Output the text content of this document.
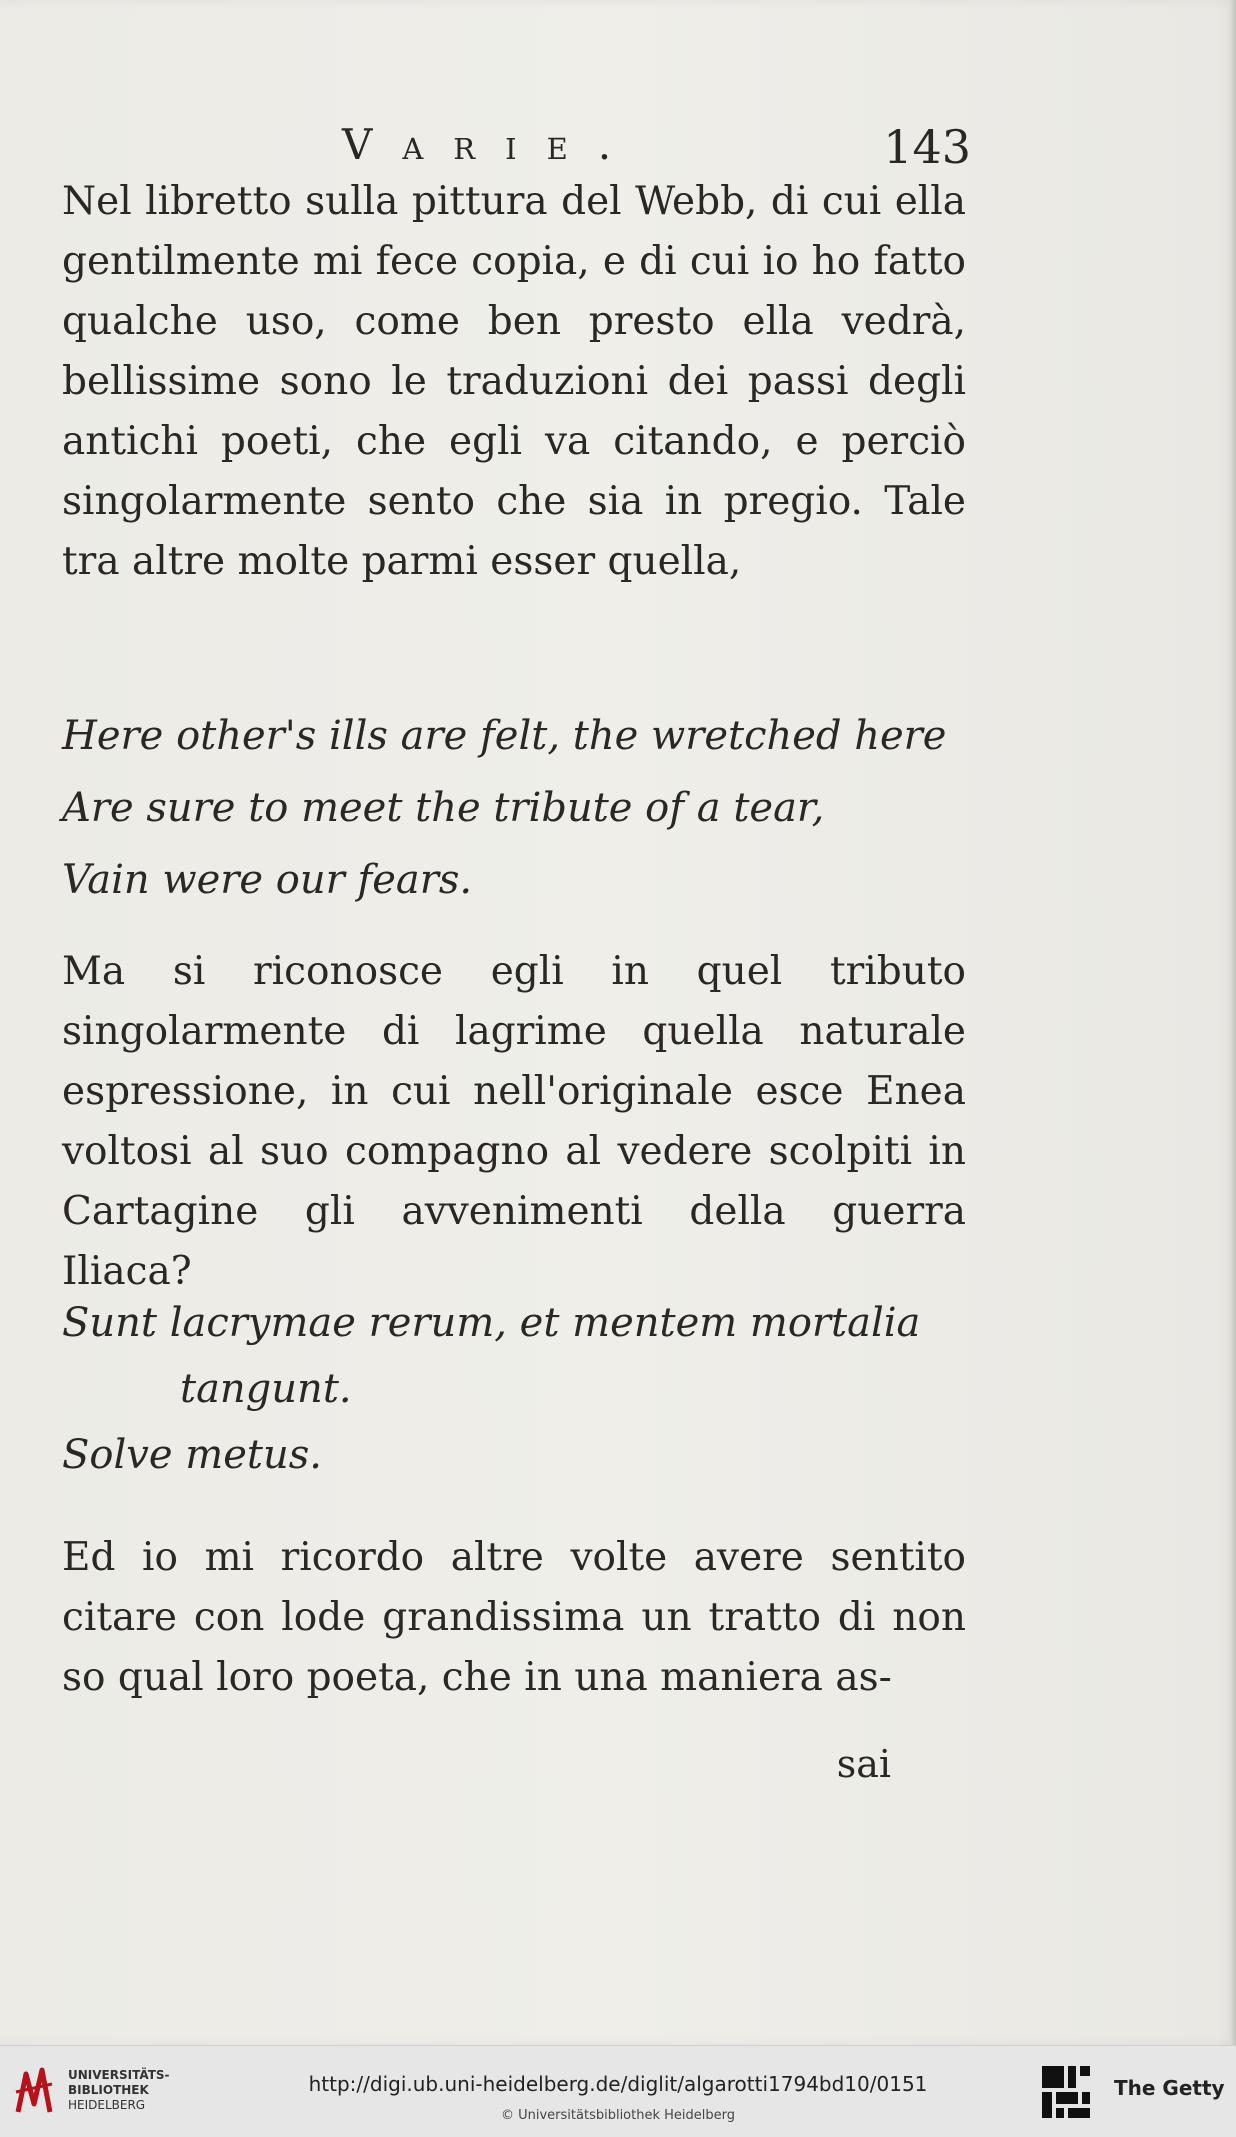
Varie.	143

Nel libretto sulla pittura del Webb, di cui ella gentilmente mi fece copia, e di cui io ho fatto qualche uso, come ben presto ella vedrà, bellissime sono le traduzioni dei passi degli antichi poeti, che egli va citando, e perciò singolarmente sento che sia in pregio. Tale tra altre molte parmi esser quella,

Here other's ills are felt, the wretched here
Are sure to meet the tribute of a tear,
Vain were our fears.

Ma si riconosce egli in quel tributo singolarmente di lagrime quella naturale espressione, in cui nell'originale esce Enea voltosi al suo compagno al vedere scolpiti in Cartagine gli avvenimenti della guerra Iliaca?

Sunt lacrymae rerum, et mentem mortalia
tangunt.
Solve metus.

Ed io mi ricordo altre volte avere sentito citare con lode grandissima un tratto di non so qual loro poeta, che in una maniera as-

sai
UNIVERSITÄTS-
BIBLIOTHEK
HEIDELBERG
http://digi.ub.uni-heidelberg.de/diglit/algarotti1794bd10/0151
© Universitätsbibliothek Heidelberg
The Getty
